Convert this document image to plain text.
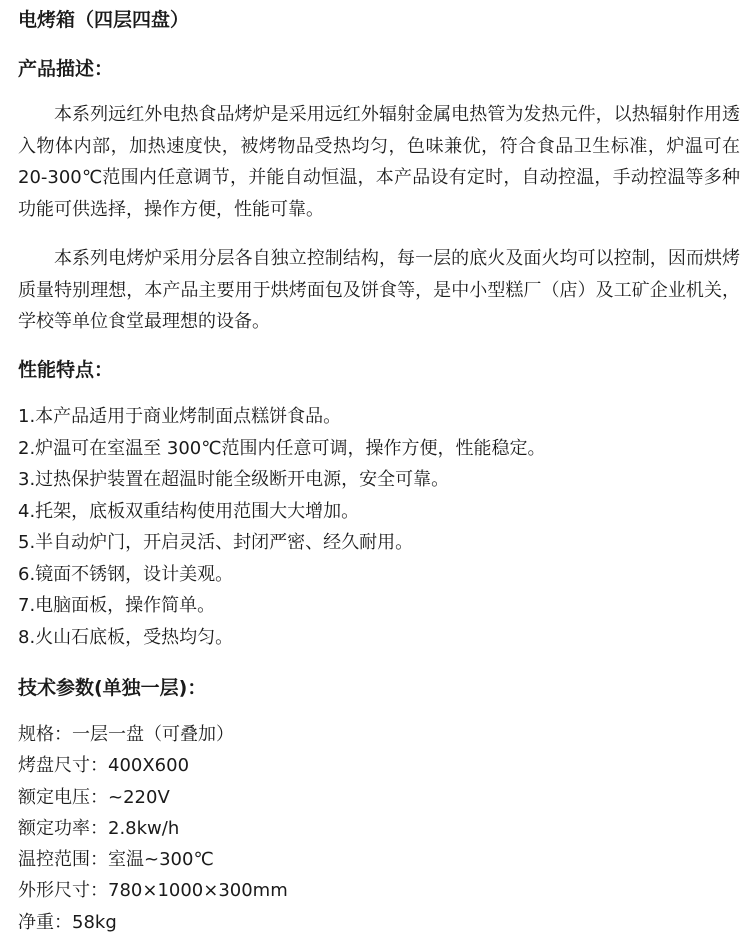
电烤箱（四层四盘）
产品描述：

本系列远红外电热食品烤炉是采用远红外辐射金属电热管为发热元件，以热辐射作用透入物体内部，加热速度快，被烤物品受热均匀，色味兼优，符合食品卫生标准，炉温可在 20-300℃范围内任意调节，并能自动恒温，本产品设有定时，自动控温，手动控温等多种功能可供选择，操作方便，性能可靠。

本系列电烤炉采用分层各自独立控制结构，每一层的底火及面火均可以控制，因而烘烤质量特别理想，本产品主要用于烘烤面包及饼食等，是中小型糕厂（店）及工矿企业机关，学校等单位食堂最理想的设备。

性能特点：
1.本产品适用于商业烤制面点糕饼食品。
2.炉温可在室温至 300℃范围内任意可调，操作方便，性能稳定。
3.过热保护装置在超温时能全级断开电源，安全可靠。
4.托架，底板双重结构使用范围大大增加。
5.半自动炉门，开启灵活、封闭严密、经久耐用。
6.镜面不锈钢，设计美观。
7.电脑面板，操作简单。
8.火山石底板，受热均匀。
技术参数(单独一层)：
规格：一层一盘（可叠加）
烤盘尺寸：400X600
额定电压：~220V
额定功率：2.8kw/h
温控范围：室温~300℃
外形尺寸：780×1000×300mm
净重：58kg
